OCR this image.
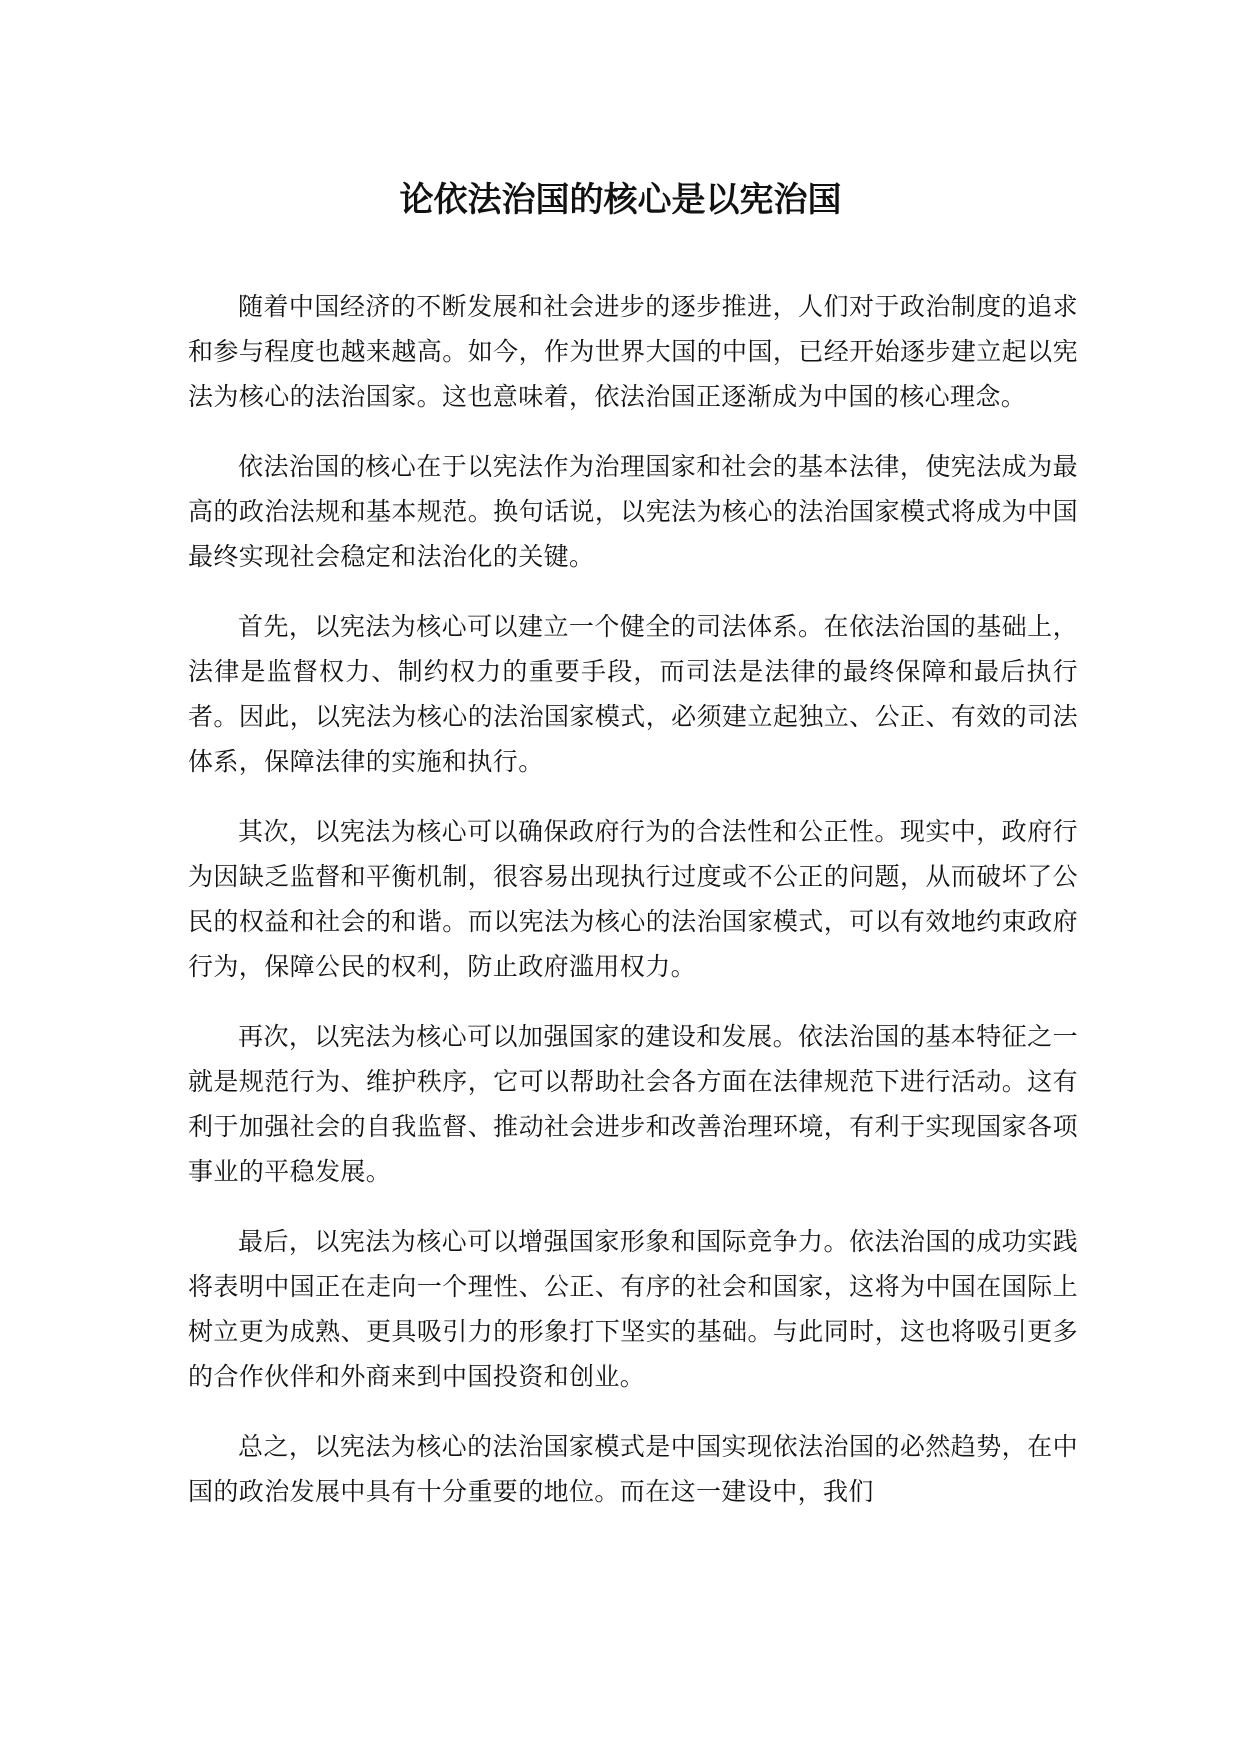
论依法治国的核心是以宪治国

随着中国经济的不断发展和社会进步的逐步推进，人们对于政治制度的追求和参与程度也越来越高。如今，作为世界大国的中国，已经开始逐步建立起以宪法为核心的法治国家。这也意味着，依法治国正逐渐成为中国的核心理念。

依法治国的核心在于以宪法作为治理国家和社会的基本法律，使宪法成为最高的政治法规和基本规范。换句话说，以宪法为核心的法治国家模式将成为中国最终实现社会稳定和法治化的关键。

首先，以宪法为核心可以建立一个健全的司法体系。在依法治国的基础上，法律是监督权力、制约权力的重要手段，而司法是法律的最终保障和最后执行者。因此，以宪法为核心的法治国家模式，必须建立起独立、公正、有效的司法体系，保障法律的实施和执行。

其次，以宪法为核心可以确保政府行为的合法性和公正性。现实中，政府行为因缺乏监督和平衡机制，很容易出现执行过度或不公正的问题，从而破坏了公民的权益和社会的和谐。而以宪法为核心的法治国家模式，可以有效地约束政府行为，保障公民的权利，防止政府滥用权力。

再次，以宪法为核心可以加强国家的建设和发展。依法治国的基本特征之一就是规范行为、维护秩序，它可以帮助社会各方面在法律规范下进行活动。这有利于加强社会的自我监督、推动社会进步和改善治理环境，有利于实现国家各项事业的平稳发展。

最后，以宪法为核心可以增强国家形象和国际竞争力。依法治国的成功实践将表明中国正在走向一个理性、公正、有序的社会和国家，这将为中国在国际上树立更为成熟、更具吸引力的形象打下坚实的基础。与此同时，这也将吸引更多的合作伙伴和外商来到中国投资和创业。

总之，以宪法为核心的法治国家模式是中国实现依法治国的必然趋势，在中国的政治发展中具有十分重要的地位。而在这一建设中，我们
